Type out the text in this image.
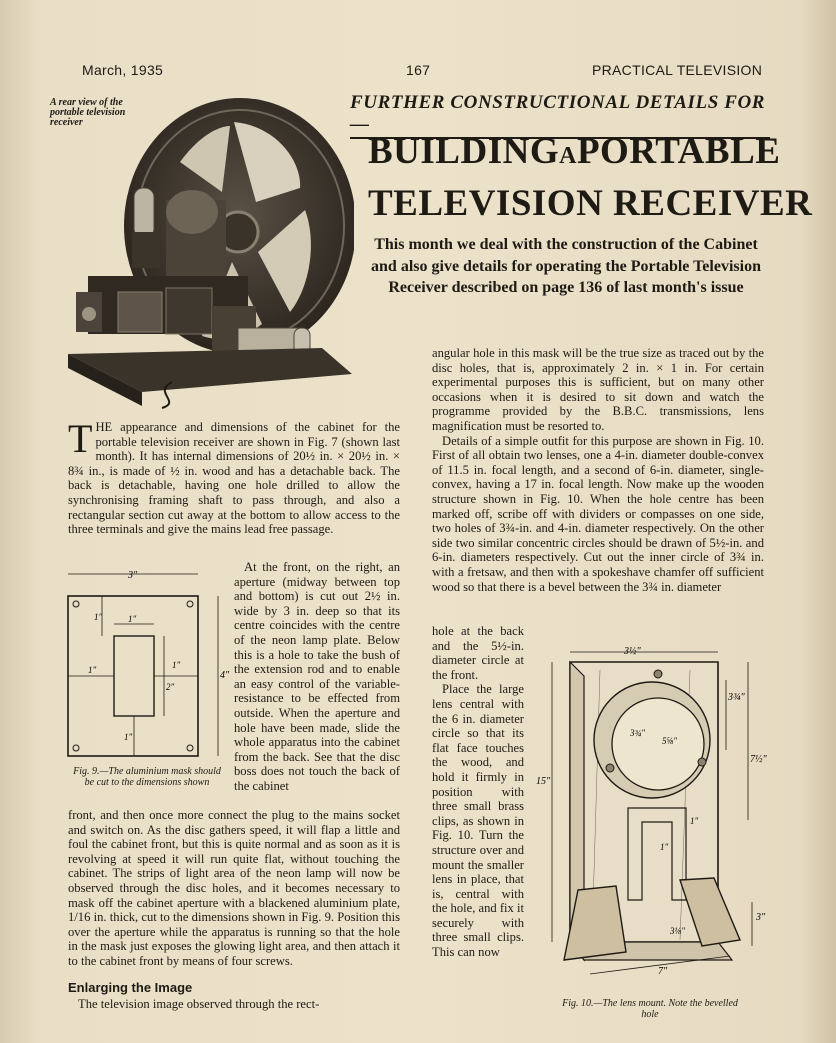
March, 1935	167	PRACTICAL TELEVISION
FURTHER CONSTRUCTIONAL DETAILS FOR—
BUILDINGAPORTABLE
TELEVISION RECEIVER
This month we deal with the construction of the Cabinet and also give details for operating the Portable Television Receiver described on page 136 of last month's issue
A rear view of the portable television receiver
T HE appearance and dimensions of the cabinet for the portable television receiver are shown in Fig. 7 (shown last month). It has internal dimensions of 20½ in. × 20½ in. × 8¾ in., is made of ½ in. wood and has a detachable back. The back is detachable, having one hole drilled to allow the synchronising framing shaft to pass through, and also a rectangular section cut away at the bottom to allow access to the three terminals and give the mains lead free passage.

3"
4"
1"	1"
1"	1"
2"
1"
Fig. 9.—The aluminium mask should be cut to the dimensions shown

At the front, on the right, an aperture (midway between top and bottom) is cut out 2½ in. wide by 3 in. deep so that its centre coincides with the centre of the neon lamp plate. Below this is a hole to take the bush of the extension rod and to enable an easy control of the variable-resistance to be effected from outside. When the aperture and hole have been made, slide the whole apparatus into the cabinet from the back. See that the disc boss does not touch the back of the cabinet

front, and then once more connect the plug to the mains socket and switch on. As the disc gathers speed, it will flap a little and foul the cabinet front, but this is quite normal and as soon as it is revolving at speed it will run quite flat, without touching the cabinet. The strips of light area of the neon lamp will now be observed through the disc holes, and it becomes necessary to mask off the cabinet aperture with a blackened aluminium plate, 1/16 in. thick, cut to the dimensions shown in Fig. 9. Position this over the aperture while the apparatus is running so that the hole in the mask just exposes the glowing light area, and then attach it to the cabinet front by means of four screws.

Enlarging the Image

The television image observed through the rect-

angular hole in this mask will be the true size as traced out by the disc holes, that is, approximately 2 in. × 1 in. For certain experimental purposes this is sufficient, but on many other occasions when it is desired to sit down and watch the programme provided by the B.B.C. transmissions, lens magnification must be resorted to.

Details of a simple outfit for this purpose are shown in Fig. 10. First of all obtain two lenses, one a 4-in. diameter double-convex of 11.5 in. focal length, and a second of 6-in. diameter, single-convex, having a 17 in. focal length. Now make up the wooden structure shown in Fig. 10. When the hole centre has been marked off, scribe off with dividers or compasses on one side, two holes of 3¾-in. and 4-in. diameter respectively. On the other side two similar concentric circles should be drawn of 5½-in. and 6-in. diameters respectively. Cut out the inner circle of 3¾ in. with a fretsaw, and then with a spokeshave chamfer off sufficient wood so that there is a bevel between the 3¾ in. diameter

hole at the back and the 5½-in. diameter circle at the front.

Place the large lens central with the 6 in. diameter circle so that its flat face touches the wood, and hold it firmly in position with three small brass clips, as shown in Fig. 10. Turn the structure over and mount the smaller lens in place, that is, central with the hole, and fix it securely with three small clips. This can now

3½"
3¾"
7½"
15"
3¾"
5⅝"
1"
1"
3"
3⅛"
7"
Fig. 10.—The lens mount. Note the bevelled hole
